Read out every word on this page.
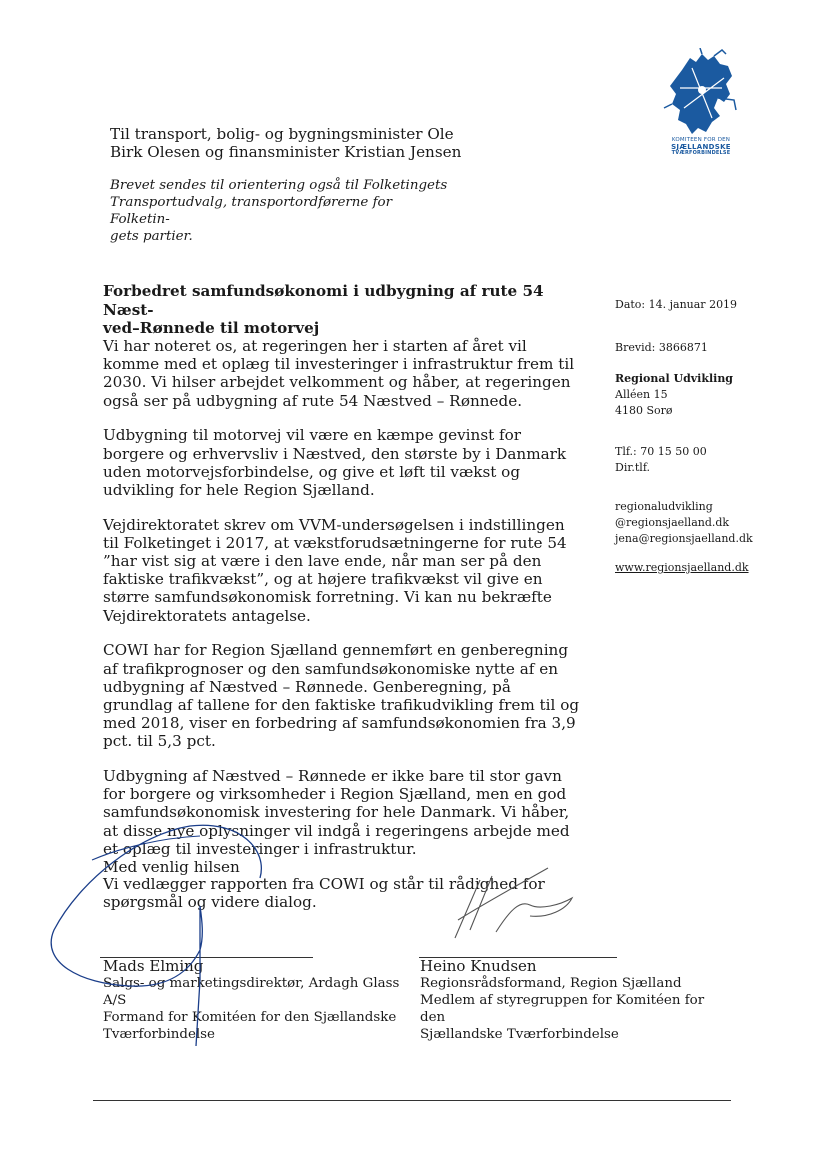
KOMITEEN FOR DEN
SJÆLLANDSKE
TVÆRFORBINDELSE
Til transport, bolig- og bygningsminister Ole
Birk Olesen og finansminister Kristian Jensen
Brevet sendes til orientering også til Folketingets
Transportudvalg, transportordførerne for Folketin-
gets partier.
Forbedret samfundsøkonomi i udbygning af rute 54 Næst-
ved–Rønnede til motorvej

Vi har noteret os, at regeringen her i starten af året vil komme med et oplæg til investeringer i infrastruktur frem til 2030. Vi hilser arbejdet velkomment og håber, at regeringen også ser på udbygning af rute 54 Næstved – Rønnede.

Udbygning til motorvej vil være en kæmpe gevinst for borgere og erhvervsliv i Næstved, den største by i Danmark uden motorvejsforbindelse, og give et løft til vækst og udvikling for hele Region Sjælland.

Vejdirektoratet skrev om VVM-undersøgelsen i indstillingen til Folketinget i 2017, at vækstforudsætningerne for rute 54 ”har vist sig at være i den lave ende, når man ser på den faktiske trafikvækst”, og at højere trafikvækst vil give en større samfundsøkonomisk forretning. Vi kan nu bekræfte Vejdirektoratets antagelse.

COWI har for Region Sjælland gennemført en genberegning af trafikprognoser og den samfundsøkonomiske nytte af en udbygning af Næstved – Rønnede. Genberegning, på grundlag af tallene for den faktiske trafikudvikling frem til og med 2018, viser en forbedring af samfundsøkonomien fra 3,9 pct. til 5,3 pct.

Udbygning af Næstved – Rønnede er ikke bare til stor gavn for borgere og virksomheder i Region Sjælland, men en god samfundsøkonomisk investering for hele Danmark. Vi håber, at disse nye oplysninger vil indgå i regeringens arbejde med et oplæg til investeringer i infrastruktur.

Vi vedlægger rapporten fra COWI og står til rådighed for spørgsmål og videre dialog.

Med venlig hilsen
Dato: 14. januar 2019
Brevid: 3866871
Regional Udvikling
Alléen 15
4180 Sorø
Tlf.: 70 15 50 00
Dir.tlf.
regionaludvikling
@regionsjaelland.dk
jena@regionsjaelland.dk
www.regionsjaelland.dk
Mads Elming
Salgs- og marketingsdirektør, Ardagh Glass A/S
Formand for Komitéen for den Sjællandske
Tværforbindelse
Heino Knudsen
Regionsrådsformand, Region Sjælland
Medlem af styregruppen for Komitéen for den
Sjællandske Tværforbindelse
